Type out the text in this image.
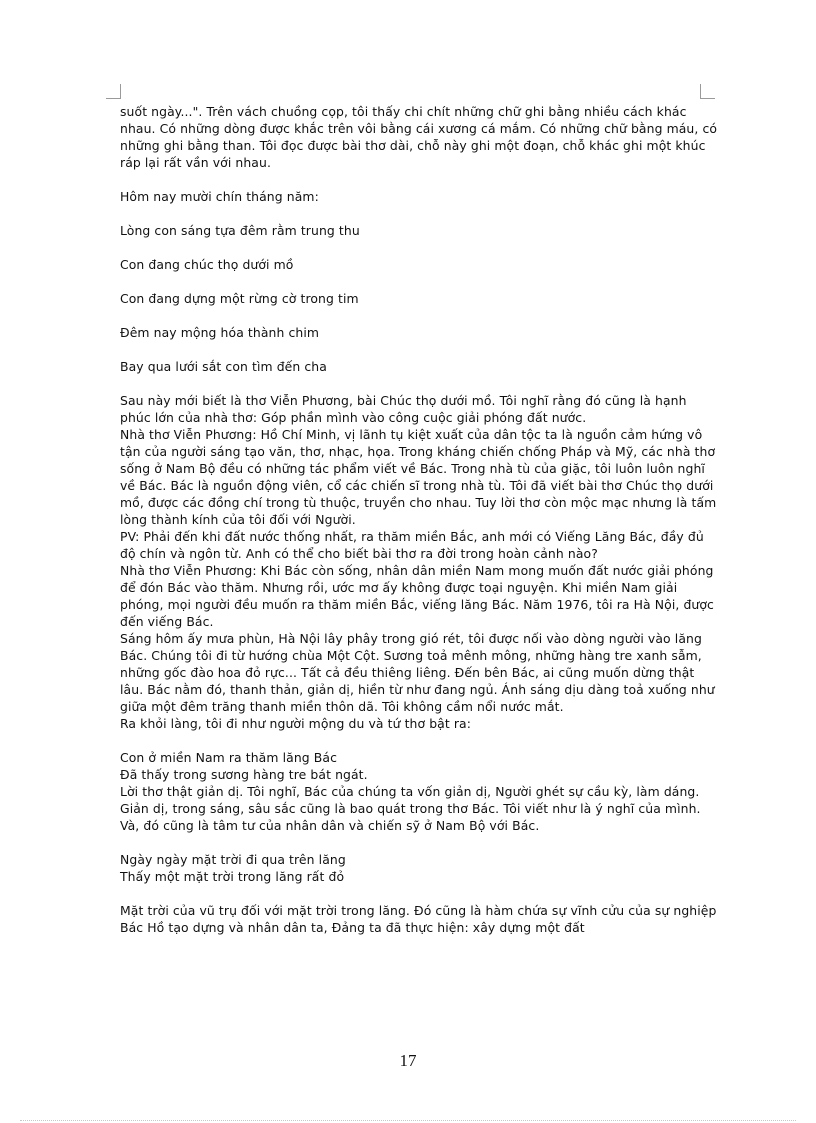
suốt ngày...". Trên vách chuồng cọp, tôi thấy chi chít những chữ ghi bằng nhiều cách khác nhau. Có những dòng được khắc trên vôi bằng cái xương cá mắm. Có những chữ bằng máu, có những ghi bằng than. Tôi đọc được bài thơ dài, chỗ này ghi một đoạn, chỗ khác ghi một khúc ráp lại rất vần với nhau.

Hôm nay mười chín tháng năm:

Lòng con sáng tựa đêm rằm trung thu

Con đang chúc thọ dưới mồ

Con đang dựng một rừng cờ trong tim

Đêm nay mộng hóa thành chim

Bay qua lưới sắt con tìm đến cha

Sau này mới biết là thơ Viễn Phương, bài Chúc thọ dưới mồ. Tôi nghĩ rằng đó cũng là hạnh phúc lớn của nhà thơ: Góp phần mình vào công cuộc giải phóng đất nước.

Nhà thơ Viễn Phương: Hồ Chí Minh, vị lãnh tụ kiệt xuất của dân tộc ta là nguồn cảm hứng vô tận của người sáng tạo văn, thơ, nhạc, họa. Trong kháng chiến chống Pháp và Mỹ, các nhà thơ sống ở Nam Bộ đều có những tác phẩm viết về Bác. Trong nhà tù của giặc, tôi luôn luôn nghĩ về Bác. Bác là nguồn động viên, cổ các chiến sĩ trong nhà tù. Tôi đã viết bài thơ Chúc thọ dưới mồ, được các đồng chí trong tù thuộc, truyền cho nhau. Tuy lời thơ còn mộc mạc nhưng là tấm lòng thành kính của tôi đối với Người.

PV: Phải đến khi đất nước thống nhất, ra thăm miền Bắc, anh mới có Viếng Lăng Bác, đầy đủ độ chín và ngôn từ. Anh có thể cho biết bài thơ ra đời trong hoàn cảnh nào?

Nhà thơ Viễn Phương: Khi Bác còn sống, nhân dân miền Nam mong muốn đất nước giải phóng để đón Bác vào thăm. Nhưng rồi, ước mơ ấy không được toại nguyện. Khi miền Nam giải phóng, mọi người đều muốn ra thăm miền Bắc, viếng lăng Bác. Năm 1976, tôi ra Hà Nội, được đến viếng Bác.

Sáng hôm ấy mưa phùn, Hà Nội lây phây trong gió rét, tôi được nối vào dòng người vào lăng Bác. Chúng tôi đi từ hướng chùa Một Cột. Sương toả mênh mông, những hàng tre xanh sẫm, những gốc đào hoa đỏ rực... Tất cả đều thiêng liêng. Đến bên Bác, ai cũng muốn dừng thật lâu. Bác nằm đó, thanh thản, giản dị, hiền từ như đang ngủ. Ánh sáng dịu dàng toả xuống như giữa một đêm trăng thanh miền thôn dã. Tôi không cầm nổi nước mắt.

Ra khỏi làng, tôi đi như người mộng du và tứ thơ bật ra:

Con ở miền Nam ra thăm lăng Bác

Đã thấy trong sương hàng tre bát ngát.

Lời thơ thật giản dị. Tôi nghĩ, Bác của chúng ta vốn giản dị, Người ghét sự cầu kỳ, làm dáng. Giản dị, trong sáng, sâu sắc cũng là bao quát trong thơ Bác. Tôi viết như là ý nghĩ của mình. Và, đó cũng là tâm tư của nhân dân và chiến sỹ ở Nam Bộ với Bác.

Ngày ngày mặt trời đi qua trên lăng

Thấy một mặt trời trong lăng rất đỏ

Mặt trời của vũ trụ đối với mặt trời trong lăng. Đó cũng là hàm chứa sự vĩnh cửu của sự nghiệp Bác Hồ tạo dựng và nhân dân ta, Đảng ta đã thực hiện: xây dựng một đất

17
